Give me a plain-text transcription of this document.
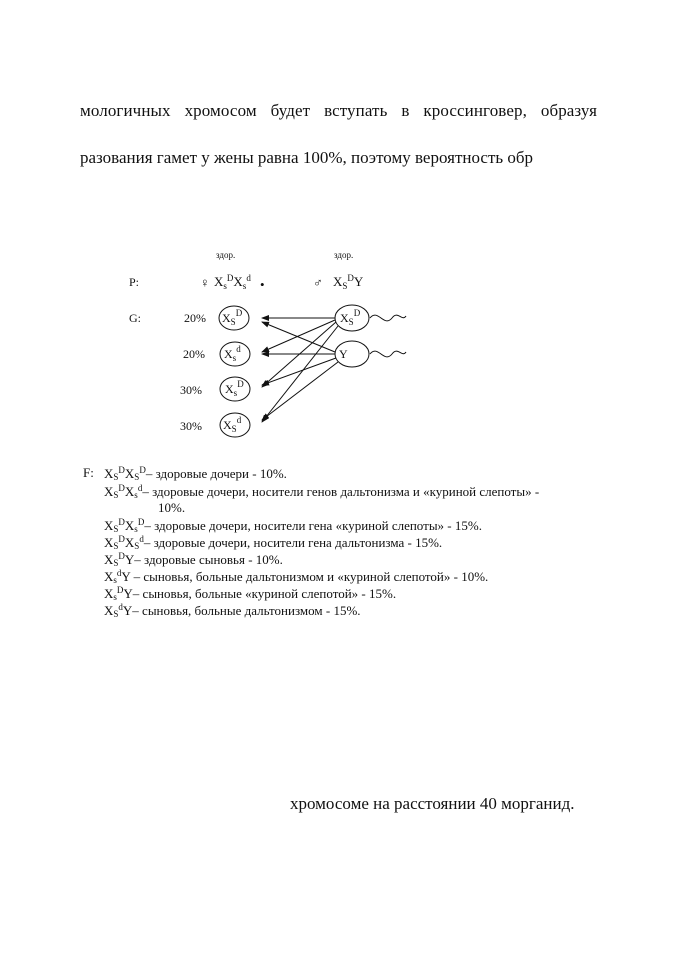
мологичных хромосом будет вступать в кроссинговер, образуя
разования гамет у жены равна 100%, поэтому вероятность обр
P:
здор.
♀ $X_s^DX_s^d$ •
здор.
♂ $X_S^DY$
G:	20% $X_S^D$
20% $X_s^d$
30% $X_s^D$
30% $X_S^d$
$X_S^D$
Y
F: $X_S^DX_S^D-$ здоровые дочери - 10%.
$X_S^DX_s^d-$ здоровые дочери, носители генов дальтонизма и «куриной слепоты» -
10%.
$X_S^DX_s^D-$ здоровые дочери, носители гена «куриной слепоты» - 15%.
$X_S^DX_S^d-$ здоровые дочери, носители гена дальтонизма - 15%.
$X_S^DY-$ здоровые сыновья - 10%.
$X_s^dY$ – сыновья, больные дальтонизмом и «куриной слепотой» - 10%.
$X_s^DY-$ сыновья, больные «куриной слепотой» - 15%.
$X_S^dY-$ сыновья, больные дальтонизмом - 15%.
хромосоме на расстоянии 40 морганид.
